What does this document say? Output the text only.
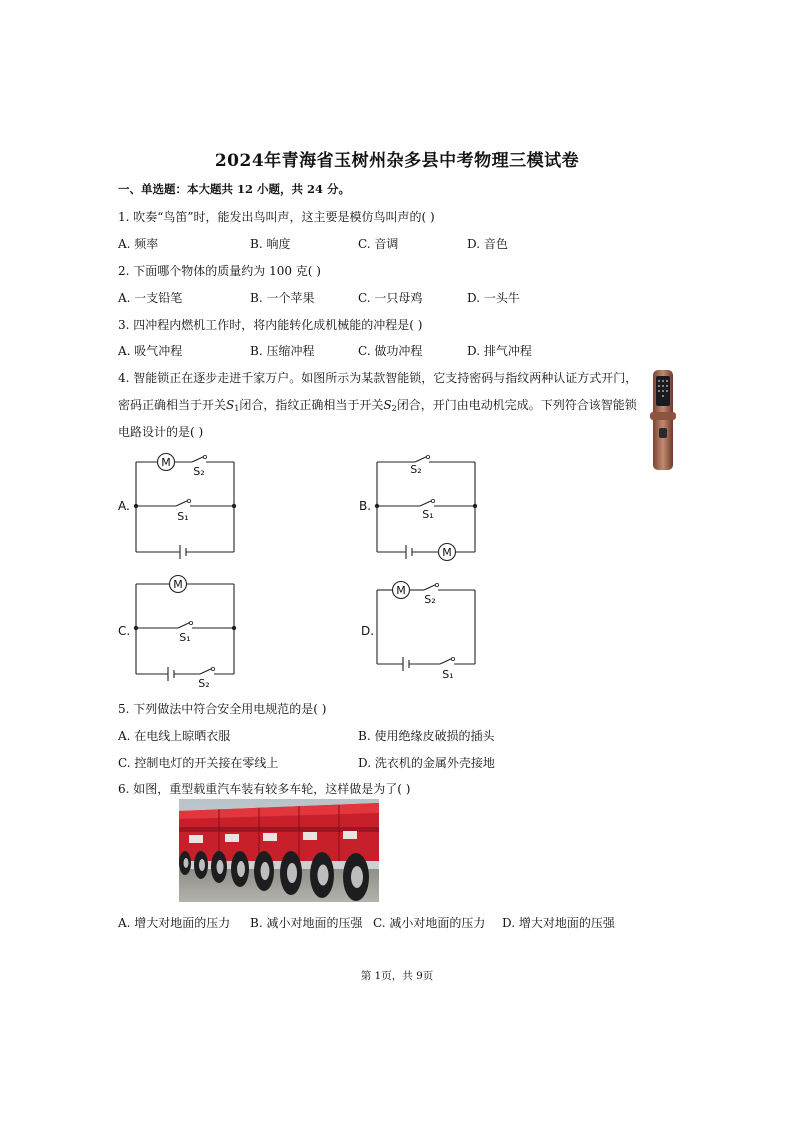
2024年青海省玉树州杂多县中考物理三模试卷
一、单选题：本大题共 12 小题，共 24 分。
1. 吹奏“鸟笛”时，能发出鸟叫声，这主要是模仿鸟叫声的( )
A. 频率	B. 响度	C. 音调	D. 音色
2. 下面哪个物体的质量约为 100 克( )
A. 一支铅笔	B. 一个苹果	C. 一只母鸡	D. 一头牛
3. 四冲程内燃机工作时，将内能转化成机械能的冲程是( )
A. 吸气冲程	B. 压缩冲程	C. 做功冲程	D. 排气冲程
4. 智能锁正在逐步走进千家万户。如图所示为某款智能锁，它支持密码与指纹两种认证方式开门，
密码正确相当于开关$S_1$闭合，指纹正确相当于开关$S_2$闭合，开门由电动机完成。下列符合该智能锁
电路设计的是( )
M
M
M	M
S₂
S₁
S₂
S₁
S₁
S₂
S₂
S₁
A.	B.
C.	D.
5. 下列做法中符合安全用电规范的是( )
A. 在电线上晾晒衣服	B. 使用绝缘皮破损的插头
C. 控制电灯的开关接在零线上	D. 洗衣机的金属外壳接地
6. 如图，重型载重汽车装有较多车轮，这样做是为了( )
A. 增大对地面的压力 B. 减小对地面的压强 C. 减小对地面的压力 D. 增大对地面的压强
第 1页，共 9页
